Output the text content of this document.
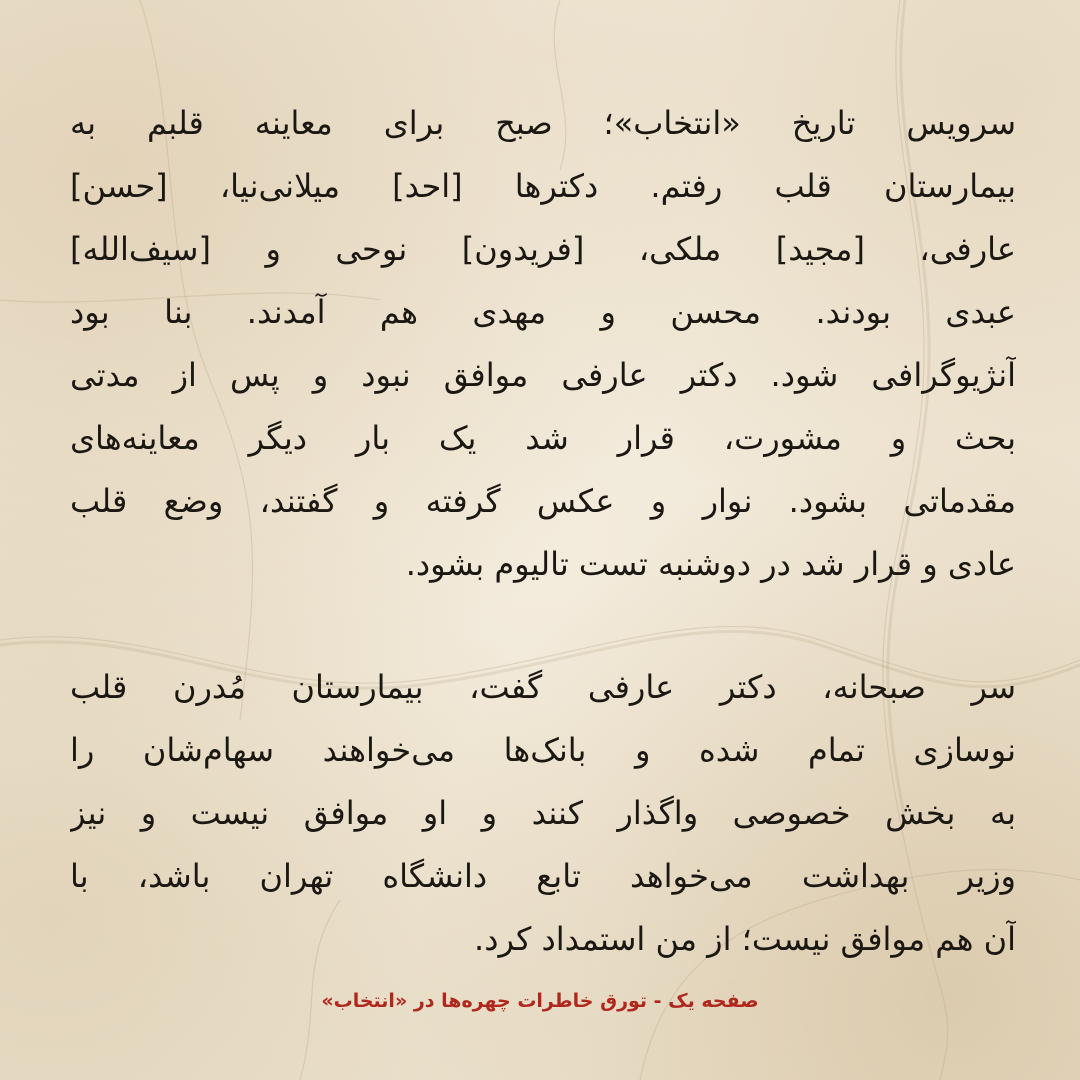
سرویس تاریخ «انتخاب»؛ صبح برای معاینه قلبم به
بیمارستان قلب رفتم. دکترها [احد] میلانی‌نیا، [حسن]
عارفی، [مجید] ملکی، [فریدون] نوحی و [سیف‌الله]
عبدی بودند. محسن و مهدی هم آمدند. بنا بود
آنژیوگرافی شود. دکتر عارفی موافق نبود و پس از مدتی
بحث و مشورت، قرار شد یک بار دیگر معاینه‌های
مقدماتی بشود. نوار و عکس گرفته و گفتند، وضع قلب
عادی و قرار شد در دوشنبه تست تالیوم بشود.
سر صبحانه، دکتر عارفی گفت، بیمارستان مُدرن قلب
نوسازی تمام شده و بانک‌ها می‌خواهند سهام‌شان را
به بخش خصوصی واگذار کنند و او موافق نیست و نیز
وزیر بهداشت می‌خواهد تابع دانشگاه تهران باشد، با
آن هم موافق نیست؛ از من استمداد کرد.
صفحه یک - تورق خاطرات چهره‌ها در «انتخاب»
